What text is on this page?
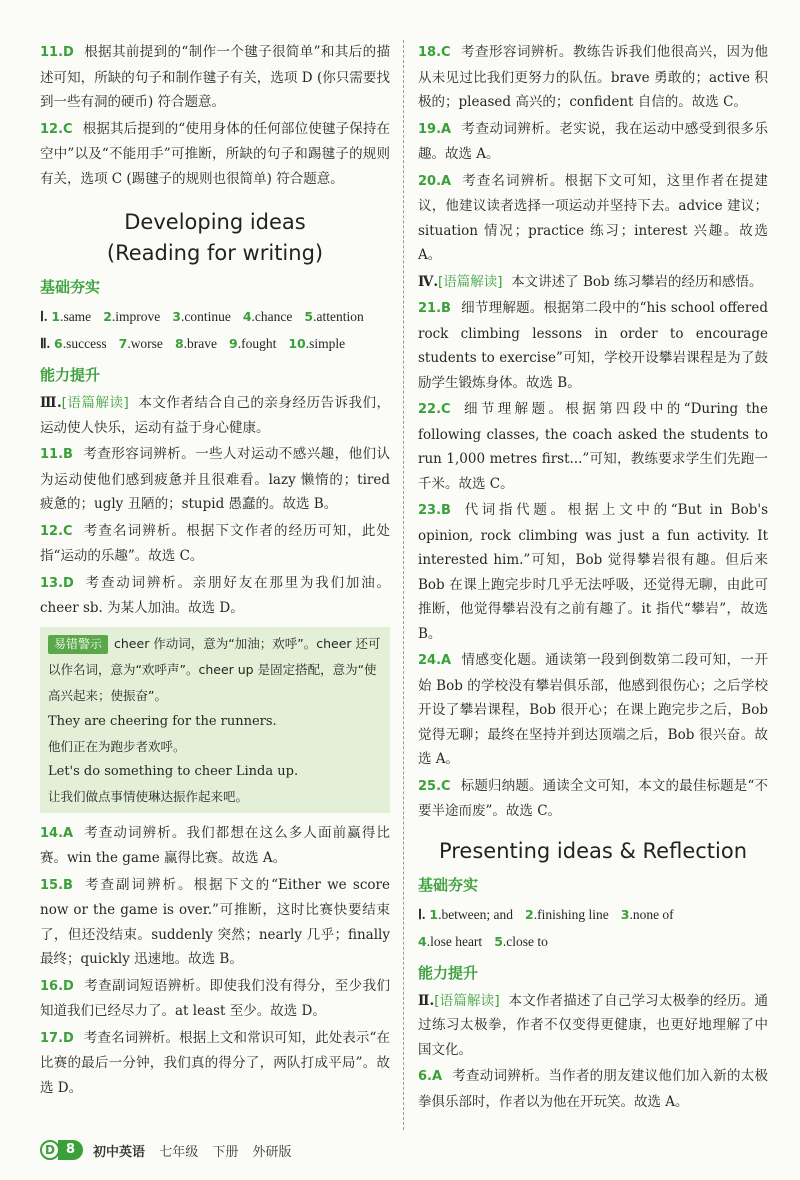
11.D 根据其前提到的“制作一个毽子很简单”和其后的描述可知，所缺的句子和制作毽子有关，选项 D (你只需要找到一些有洞的硬币) 符合题意。
12.C 根据其后提到的“使用身体的任何部位使毽子保持在空中”以及“不能用手”可推断，所缺的句子和踢毽子的规则有关，选项 C (踢毽子的规则也很简单) 符合题意。
Developing ideas
(Reading for writing)
基础夯实
Ⅰ. 1.same 2.improve 3.continue 4.chance 5.attention
Ⅱ. 6.success 7.worse 8.brave 9.fought 10.simple
能力提升
Ⅲ.[语篇解读] 本文作者结合自己的亲身经历告诉我们，运动使人快乐，运动有益于身心健康。
11.B 考查形容词辨析。一些人对运动不感兴趣，他们认为运动使他们感到疲惫并且很难看。lazy 懒惰的；tired 疲惫的；ugly 丑陋的；stupid 愚蠢的。故选 B。
12.C 考查名词辨析。根据下文作者的经历可知，此处指“运动的乐趣”。故选 C。
13.D 考查动词辨析。亲朋好友在那里为我们加油。cheer sb. 为某人加油。故选 D。
易错警示 cheer 作动词，意为“加油；欢呼”。cheer 还可以作名词，意为“欢呼声”。cheer up 是固定搭配，意为“使高兴起来；使振奋”。
They are cheering for the runners.
他们正在为跑步者欢呼。
Let's do something to cheer Linda up.
让我们做点事情使琳达振作起来吧。
14.A 考查动词辨析。我们都想在这么多人面前赢得比赛。win the game 赢得比赛。故选 A。
15.B 考查副词辨析。根据下文的“Either we score now or the game is over.”可推断，这时比赛快要结束了，但还没结束。suddenly 突然；nearly 几乎；finally 最终；quickly 迅速地。故选 B。
16.D 考查副词短语辨析。即使我们没有得分，至少我们知道我们已经尽力了。at least 至少。故选 D。
17.D 考查名词辨析。根据上文和常识可知，此处表示“在比赛的最后一分钟，我们真的得分了，两队打成平局”。故选 D。
18.C 考查形容词辨析。教练告诉我们他很高兴，因为他从未见过比我们更努力的队伍。brave 勇敢的；active 积极的；pleased 高兴的；confident 自信的。故选 C。
19.A 考查动词辨析。老实说，我在运动中感受到很多乐趣。故选 A。
20.A 考查名词辨析。根据下文可知，这里作者在提建议，他建议读者选择一项运动并坚持下去。advice 建议；situation 情况；practice 练习；interest 兴趣。故选 A。
Ⅳ.[语篇解读] 本文讲述了 Bob 练习攀岩的经历和感悟。
21.B 细节理解题。根据第二段中的“his school offered rock climbing lessons in order to encourage students to exercise”可知，学校开设攀岩课程是为了鼓励学生锻炼身体。故选 B。
22.C 细节理解题。根据第四段中的“During the following classes, the coach asked the students to run 1,000 metres first...”可知，教练要求学生们先跑一千米。故选 C。
23.B 代词指代题。根据上文中的“But in Bob's opinion, rock climbing was just a fun activity. It interested him.”可知，Bob 觉得攀岩很有趣。但后来 Bob 在课上跑完步时几乎无法呼吸，还觉得无聊，由此可推断，他觉得攀岩没有之前有趣了。it 指代“攀岩”，故选 B。
24.A 情感变化题。通读第一段到倒数第二段可知，一开始 Bob 的学校没有攀岩俱乐部，他感到很伤心；之后学校开设了攀岩课程，Bob 很开心；在课上跑完步之后，Bob 觉得无聊；最终在坚持并到达顶端之后，Bob 很兴奋。故选 A。
25.C 标题归纳题。通读全文可知，本文的最佳标题是“不要半途而废”。故选 C。
Presenting ideas & Reflection
基础夯实
Ⅰ. 1.between; and 2.finishing line 3.none of
4.lose heart 5.close to
能力提升
Ⅱ.[语篇解读] 本文作者描述了自己学习太极拳的经历。通过练习太极拳，作者不仅变得更健康，也更好地理解了中国文化。
6.A 考查动词辨析。当作者的朋友建议他们加入新的太极拳俱乐部时，作者以为他在开玩笑。故选 A。
D 8	初中英语 七年级 下册 外研版
